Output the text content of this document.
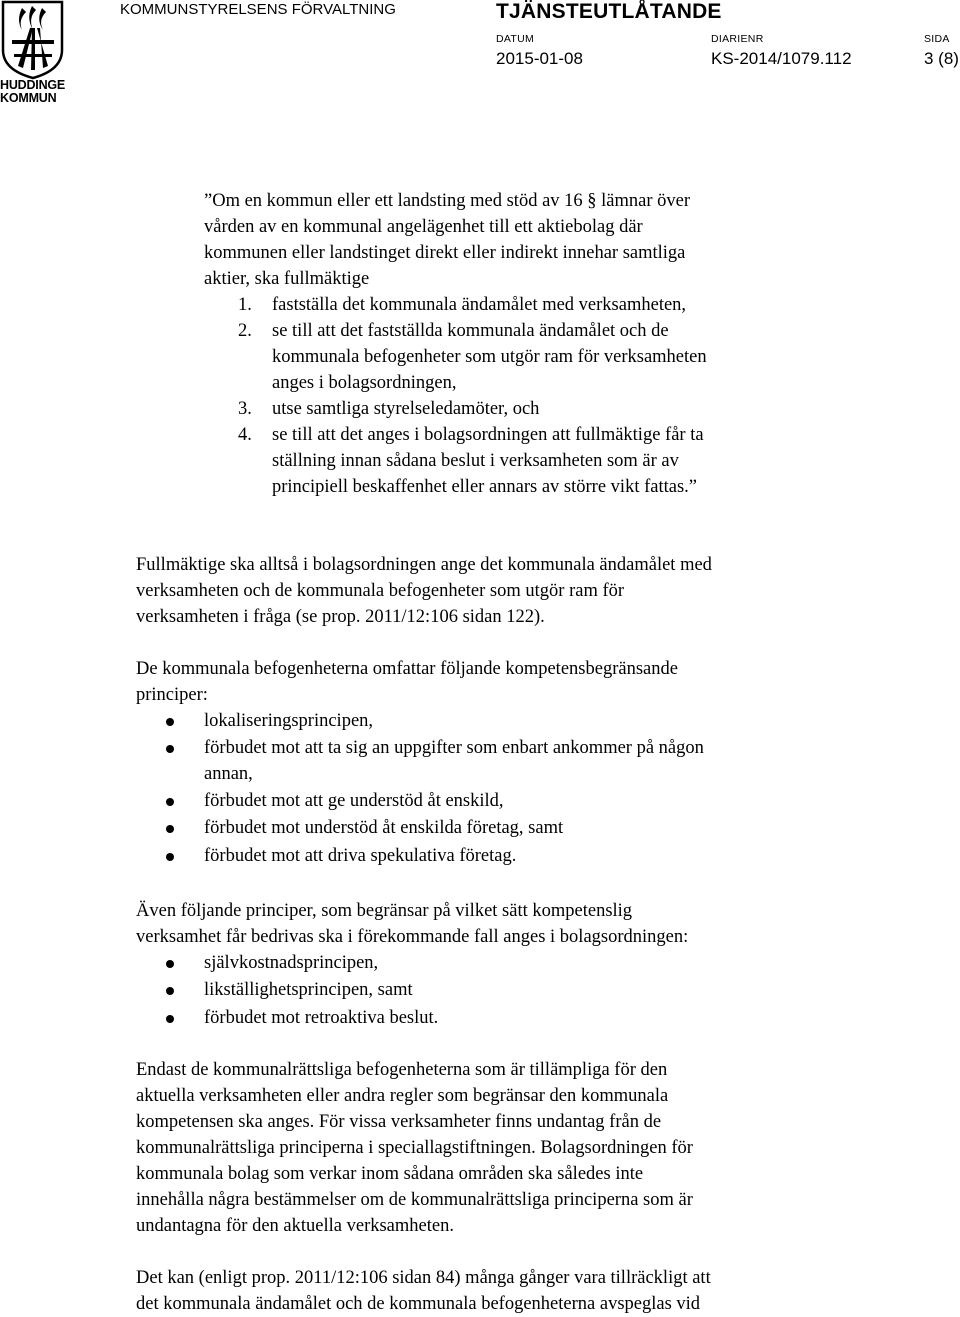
HUDDINGE
KOMMUN
KOMMUNSTYRELSENS FÖRVALTNING	TJÄNSTEUTLÅTANDE
DATUM
2015-01-08
DIARIENR
KS-2014/1079.112
SIDA
3 (8)
”Om en kommun eller ett landsting med stöd av 16 § lämnar över
vården av en kommunal angelägenhet till ett aktiebolag där
kommunen eller landstinget direkt eller indirekt innehar samtliga
aktier, ska fullmäktige
1.	fastställa det kommunala ändamålet med verksamheten,
2.	se till att det fastställda kommunala ändamålet och de
kommunala befogenheter som utgör ram för verksamheten
anges i bolagsordningen,
3.	utse samtliga styrelseledamöter, och
4.	se till att det anges i bolagsordningen att fullmäktige får ta
ställning innan sådana beslut i verksamheten som är av
principiell beskaffenhet eller annars av större vikt fattas.”
Fullmäktige ska alltså i bolagsordningen ange det kommunala ändamålet med
verksamheten och de kommunala befogenheter som utgör ram för
verksamheten i fråga (se prop. 2011/12:106 sidan 122).
De kommunala befogenheterna omfattar följande kompetensbegränsande
principer:
lokaliseringsprincipen,
förbudet mot att ta sig an uppgifter som enbart ankommer på någon
annan,
förbudet mot att ge understöd åt enskild,
förbudet mot understöd åt enskilda företag, samt
förbudet mot att driva spekulativa företag.
Även följande principer, som begränsar på vilket sätt kompetenslig
verksamhet får bedrivas ska i förekommande fall anges i bolagsordningen:
självkostnadsprincipen,
likställighetsprincipen, samt
förbudet mot retroaktiva beslut.
Endast de kommunalrättsliga befogenheterna som är tillämpliga för den
aktuella verksamheten eller andra regler som begränsar den kommunala
kompetensen ska anges. För vissa verksamheter finns undantag från de
kommunalrättsliga principerna i speciallagstiftningen. Bolagsordningen för
kommunala bolag som verkar inom sådana områden ska således inte
innehålla några bestämmelser om de kommunalrättsliga principerna som är
undantagna för den aktuella verksamheten.
Det kan (enligt prop. 2011/12:106 sidan 84) många gånger vara tillräckligt att
det kommunala ändamålet och de kommunala befogenheterna avspeglas vid
